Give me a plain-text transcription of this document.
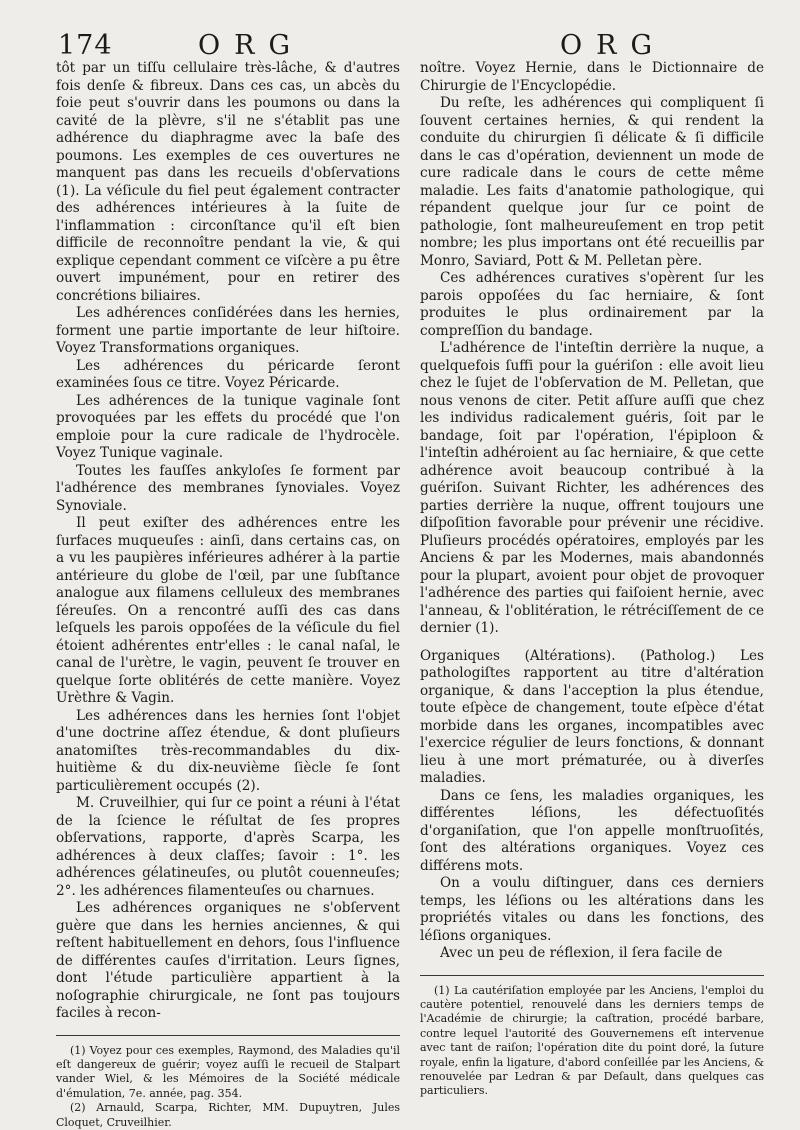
174	ORG	ORG

tôt par un tiſſu cellulaire très-lâche, & d'autres fois denſe & fibreux. Dans ces cas, un abcès du foie peut s'ouvrir dans les poumons ou dans la cavité de la plèvre, s'il ne s'établit pas une adhérence du diaphragme avec la baſe des poumons. Les exemples de ces ouvertures ne manquent pas dans les recueils d'obſervations (1). La véſicule du fiel peut également contracter des adhérences intérieures à la ſuite de l'inflammation : circonſtance qu'il eſt bien difficile de reconnoître pendant la vie, & qui explique cependant comment ce viſcère a pu être ouvert impunément, pour en retirer des concrétions biliaires.

Les adhérences conſidérées dans les hernies, forment une partie importante de leur hiſtoire. Voyez Transformations organiques.

Les adhérences du péricarde ſeront examinées ſous ce titre. Voyez Péricarde.

Les adhérences de la tunique vaginale ſont provoquées par les effets du procédé que l'on emploie pour la cure radicale de l'hydrocèle. Voyez Tunique vaginale.

Toutes les fauſſes ankyloſes ſe forment par l'adhérence des membranes ſynoviales. Voyez Synoviale.

Il peut exiſter des adhérences entre les ſurfaces muqueuſes : ainſi, dans certains cas, on a vu les paupières inférieures adhérer à la partie antérieure du globe de l'œil, par une ſubſtance analogue aux filamens celluleux des membranes ſéreuſes. On a rencontré auſſi des cas dans leſquels les parois oppoſées de la véſicule du fiel étoient adhérentes entr'elles : le canal naſal, le canal de l'urètre, le vagin, peuvent ſe trouver en quelque ſorte oblitérés de cette manière. Voyez Urèthre & Vagin.

Les adhérences dans les hernies ſont l'objet d'une doctrine aſſez étendue, & dont pluſieurs anatomiſtes très-recommandables du dix-huitième & du dix-neuvième ſiècle ſe ſont particulièrement occupés (2).

M. Cruveilhier, qui ſur ce point a réuni à l'état de la ſcience le réſultat de ſes propres obſervations, rapporte, d'après Scarpa, les adhérences à deux claſſes; ſavoir : 1°. les adhérences gélatineuſes, ou plutôt couenneuſes; 2°. les adhérences filamenteuſes ou charnues.

Les adhérences organiques ne s'obſervent guère que dans les hernies anciennes, & qui reſtent habituellement en dehors, ſous l'influence de différentes cauſes d'irritation. Leurs ſignes, dont l'étude particulière appartient à la noſographie chirurgicale, ne ſont pas toujours faciles à recon-

(1) Voyez pour ces exemples, Raymond, des Maladies qu'il eſt dangereux de guérir; voyez auſſi le recueil de Stalpart vander Wiel, & les Mémoires de la Société médicale d'émulation, 7e. année, pag. 354.

(2) Arnauld, Scarpa, Richter, MM. Dupuytren, Jules Cloquet, Cruveilhier.

noître. Voyez Hernie, dans le Dictionnaire de Chirurgie de l'Encyclopédie.

Du reſte, les adhérences qui compliquent ſi ſouvent certaines hernies, & qui rendent la conduite du chirurgien ſi délicate & ſi difficile dans le cas d'opération, deviennent un mode de cure radicale dans le cours de cette même maladie. Les faits d'anatomie pathologique, qui répandent quelque jour ſur ce point de pathologie, ſont malheureuſement en trop petit nombre; les plus importans ont été recueillis par Monro, Saviard, Pott & M. Pelletan père.

Ces adhérences curatives s'opèrent ſur les parois oppoſées du ſac herniaire, & ſont produites le plus ordinairement par la compreſſion du bandage.

L'adhérence de l'inteſtin derrière la nuque, a quelquefois ſuffi pour la guériſon : elle avoit lieu chez le ſujet de l'obſervation de M. Pelletan, que nous venons de citer. Petit aſſure auſſi que chez les individus radicalement guéris, ſoit par le bandage, ſoit par l'opération, l'épiploon & l'inteſtin adhéroient au ſac herniaire, & que cette adhérence avoit beaucoup contribué à la guériſon. Suivant Richter, les adhérences des parties derrière la nuque, offrent toujours une diſpoſition favorable pour prévenir une récidive. Pluſieurs procédés opératoires, employés par les Anciens & par les Modernes, mais abandonnés pour la plupart, avoient pour objet de provoquer l'adhérence des parties qui faiſoient hernie, avec l'anneau, & l'oblitération, le rétréciſſement de ce dernier (1).

Organiques (Altérations). (Patholog.) Les pathologiſtes rapportent au titre d'altération organique, & dans l'acception la plus étendue, toute eſpèce de changement, toute eſpèce d'état morbide dans les organes, incompatibles avec l'exercice régulier de leurs fonctions, & donnant lieu à une mort prématurée, ou à diverſes maladies.

Dans ce ſens, les maladies organiques, les différentes léſions, les défectuoſités d'organiſation, que l'on appelle monſtruoſités, ſont des altérations organiques. Voyez ces différens mots.

On a voulu diſtinguer, dans ces derniers temps, les léſions ou les altérations dans les propriétés vitales ou dans les fonctions, des léſions organiques.

Avec un peu de réflexion, il ſera facile de

(1) La cautériſation employée par les Anciens, l'emploi du cautère potentiel, renouvelé dans les derniers temps de l'Académie de chirurgie; la caſtration, procédé barbare, contre lequel l'autorité des Gouvernemens eſt intervenue avec tant de raiſon; l'opération dite du point doré, la ſuture royale, enfin la ligature, d'abord conſeillée par les Anciens, & renouvelée par Ledran & par Deſault, dans quelques cas particuliers.
